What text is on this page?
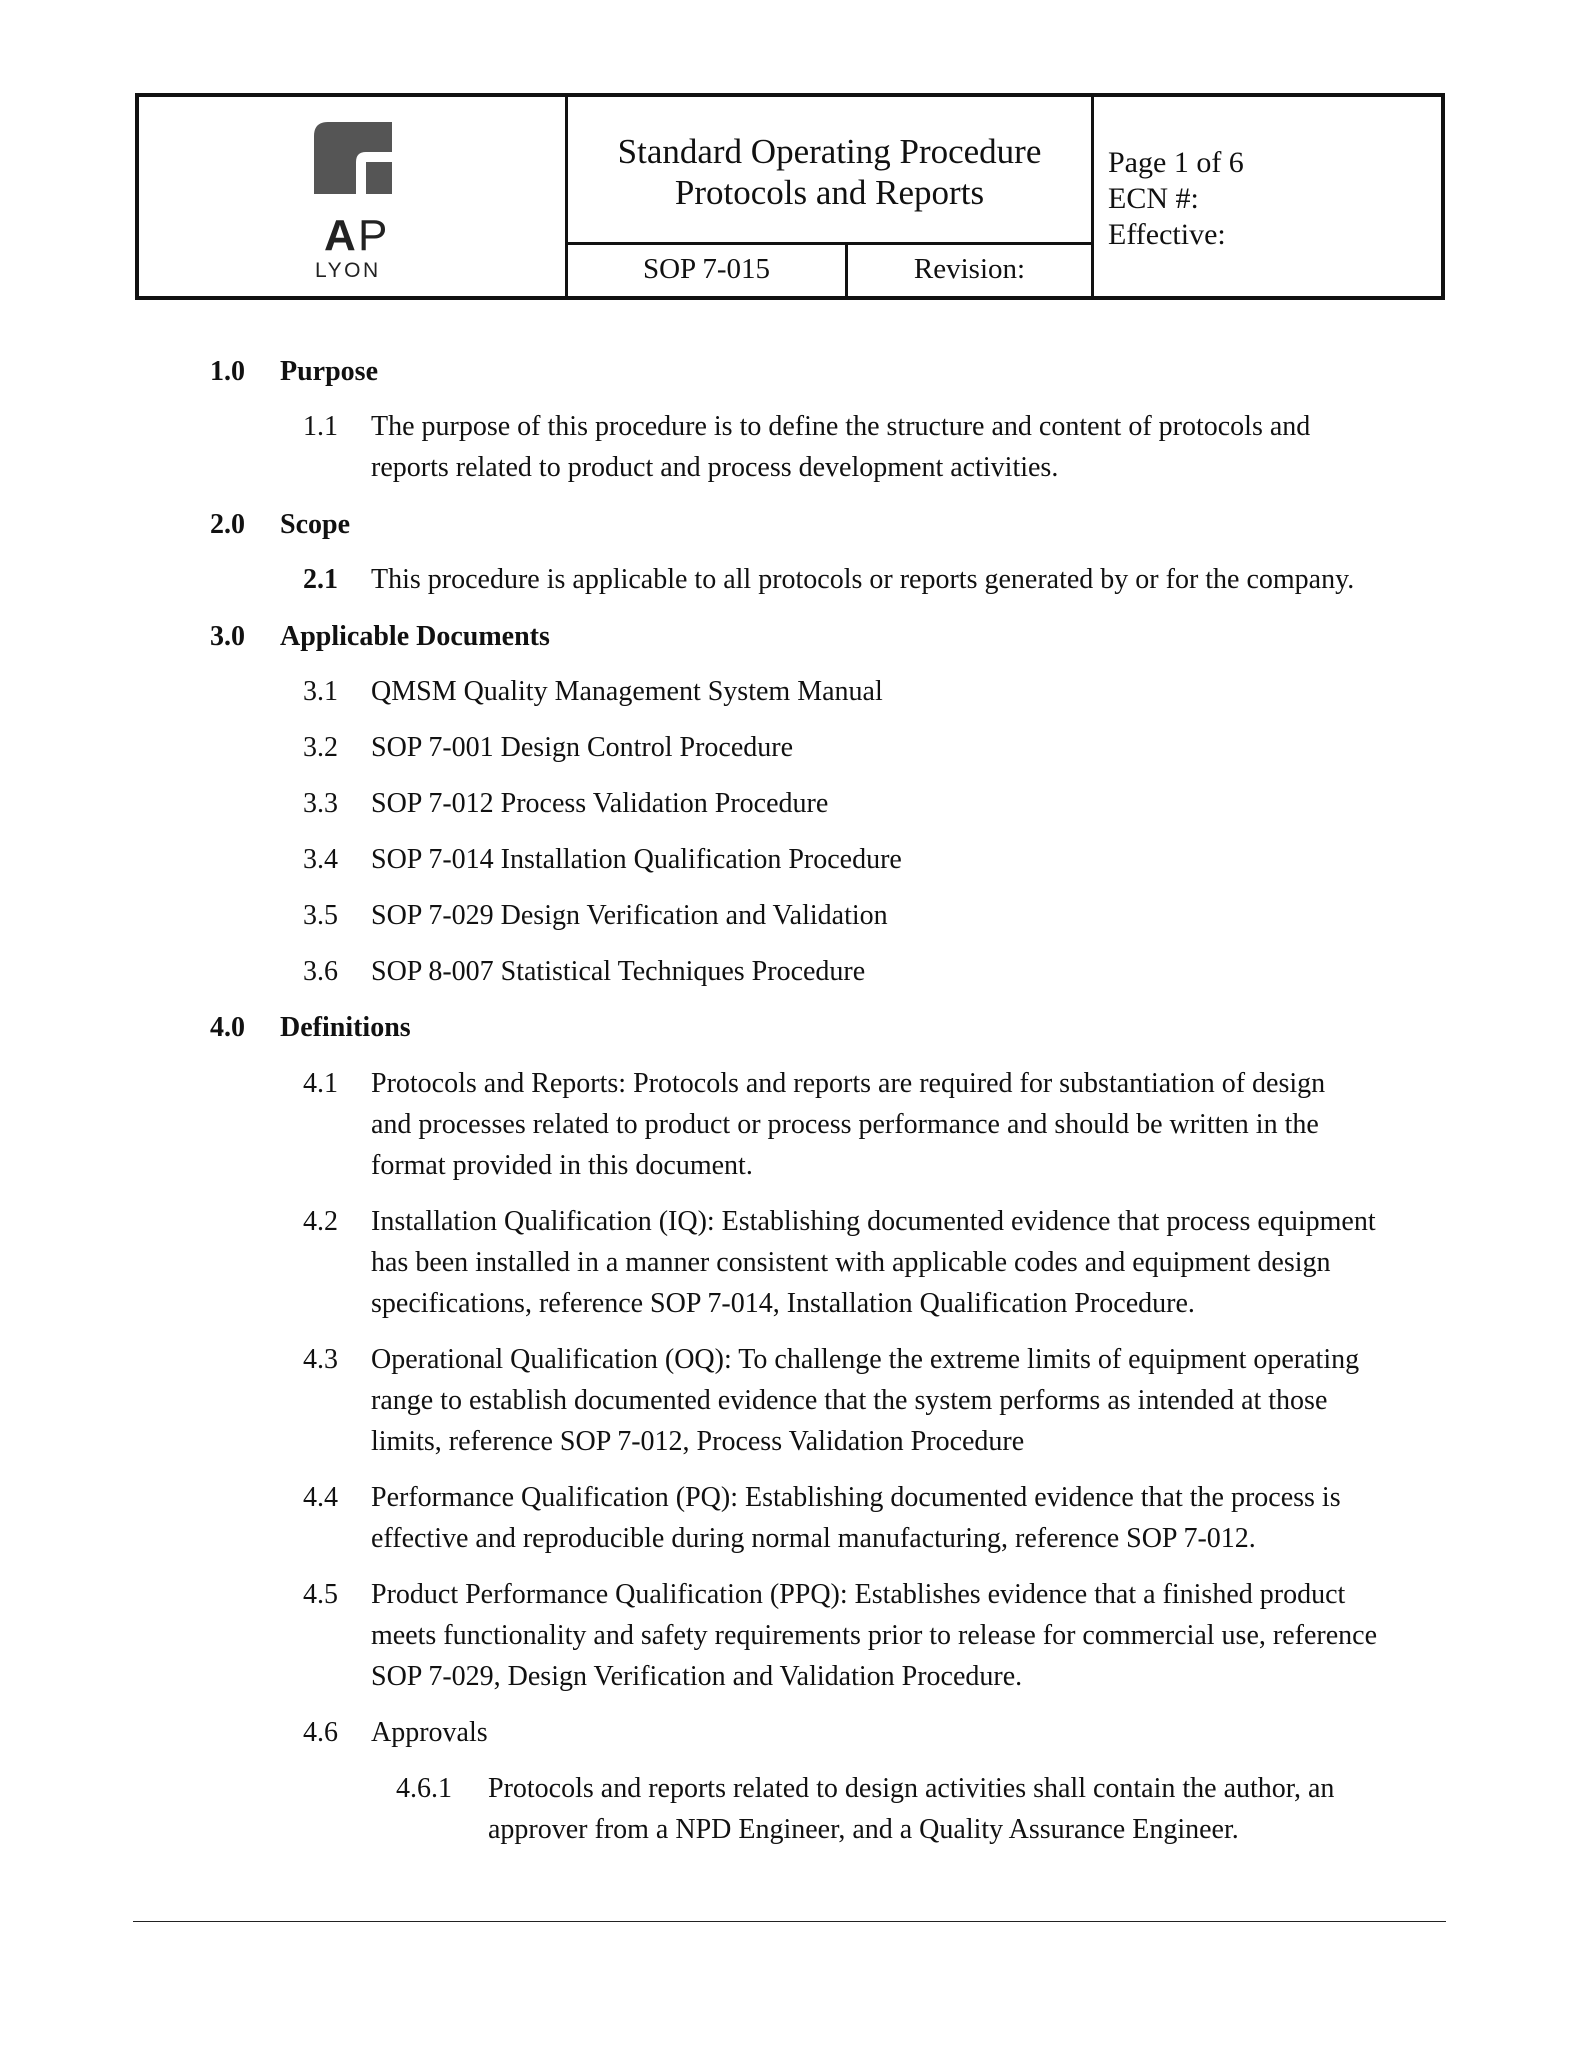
A P
LYON
Standard Operating Procedure
Protocols and Reports
SOP 7-015	Revision:
Page 1 of 6
ECN #:
Effective:
1.0 Purpose
1.1 The purpose of this procedure is to define the structure and content of protocols and
reports related to product and process development activities.
2.0 Scope
2.1 This procedure is applicable to all protocols or reports generated by or for the company.
3.0 Applicable Documents
3.1 QMSM Quality Management System Manual
3.2 SOP 7-001 Design Control Procedure
3.3 SOP 7-012 Process Validation Procedure
3.4 SOP 7-014 Installation Qualification Procedure
3.5 SOP 7-029 Design Verification and Validation
3.6 SOP 8-007 Statistical Techniques Procedure
4.0 Definitions
4.1 Protocols and Reports: Protocols and reports are required for substantiation of design
and processes related to product or process performance and should be written in the
format provided in this document.
4.2 Installation Qualification (IQ): Establishing documented evidence that process equipment
has been installed in a manner consistent with applicable codes and equipment design
specifications, reference SOP 7-014, Installation Qualification Procedure.
4.3 Operational Qualification (OQ): To challenge the extreme limits of equipment operating
range to establish documented evidence that the system performs as intended at those
limits, reference SOP 7-012, Process Validation Procedure
4.4 Performance Qualification (PQ): Establishing documented evidence that the process is
effective and reproducible during normal manufacturing, reference SOP 7-012.
4.5 Product Performance Qualification (PPQ): Establishes evidence that a finished product
meets functionality and safety requirements prior to release for commercial use, reference
SOP 7-029, Design Verification and Validation Procedure.
4.6 Approvals
4.6.1 Protocols and reports related to design activities shall contain the author, an
approver from a NPD Engineer, and a Quality Assurance Engineer.
